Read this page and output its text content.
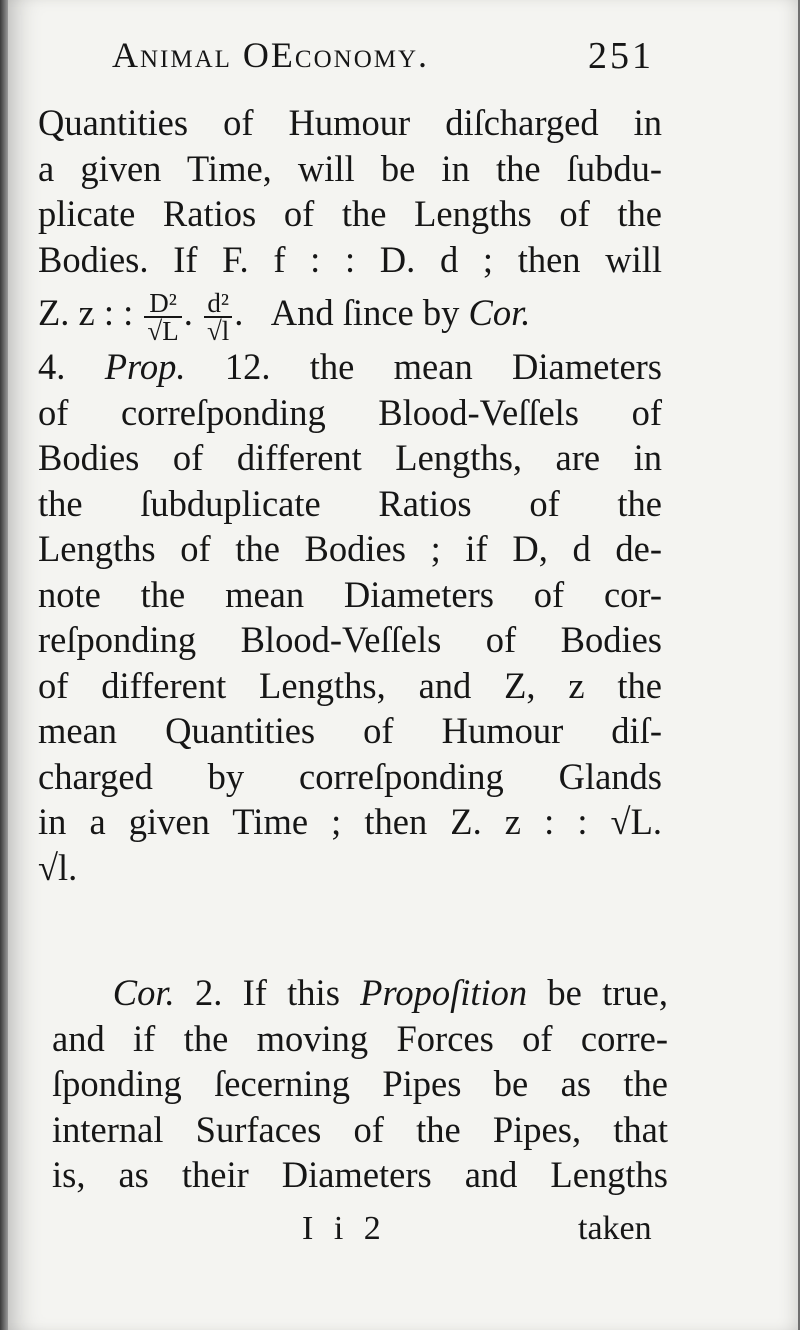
Animal OEconomy.	251
Quantities of Humour diſcharged in
a given Time, will be in the ſubdu-
plicate Ratios of the Lengths of the
Bodies. If F. f : : D. d ; then will
Z. z : : $\frac{\text{D²}}{√L}$ . $\frac{\text{d²}}{√l}$ .   And ſince by Cor.
4. Prop. 12. the mean Diameters
of correſponding Blood-Veſſels of
Bodies of different Lengths, are in
the ſubduplicate Ratios of the
Lengths of the Bodies ; if D, d de-
note the mean Diameters of cor-
reſponding Blood-Veſſels of Bodies
of different Lengths, and Z, z the
mean Quantities of Humour diſ-
charged by correſponding Glands
in a given Time ; then Z. z : : √L.
√l.
Cor. 2. If this Propoſition be true,
and if the moving Forces of corre-
ſponding ſecerning Pipes be as the
internal Surfaces of the Pipes, that
is, as their Diameters and Lengths
I i 2	taken
